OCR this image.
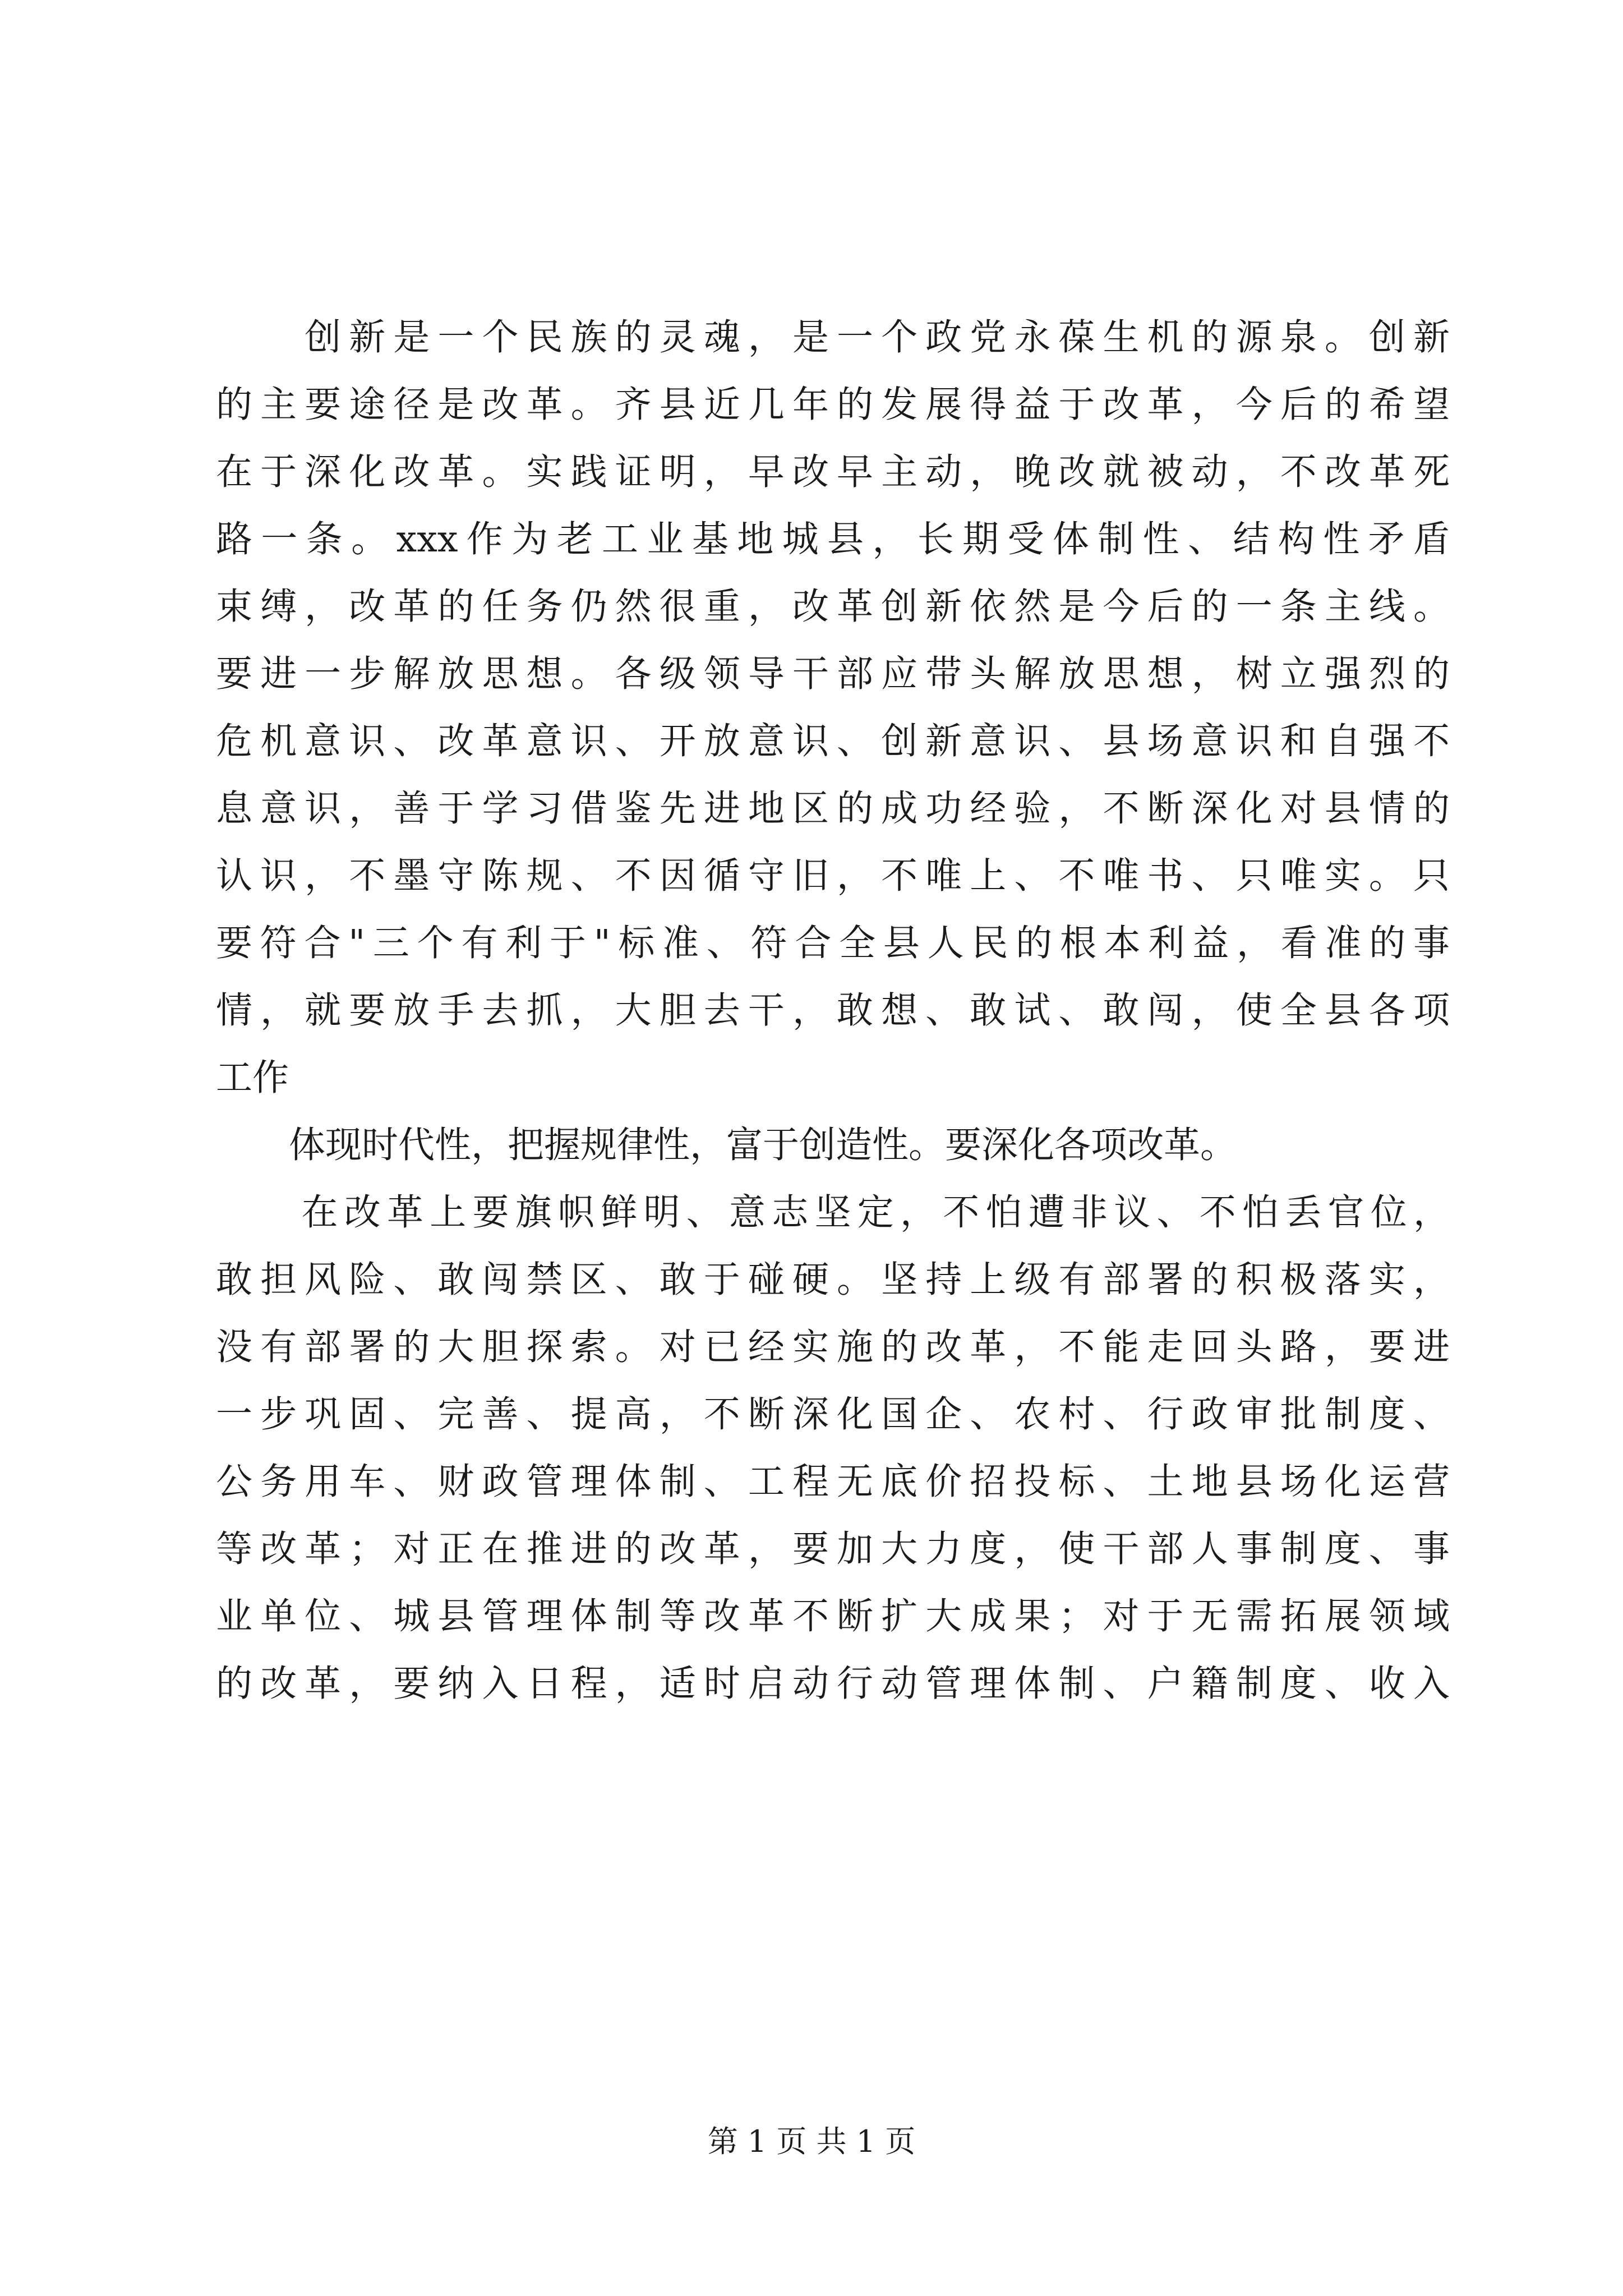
　　创新是一个民族的灵魂，是一个政党永葆生机的源泉。创新
的主要途径是改革。齐县近几年的发展得益于改革，今后的希望
在于深化改革。实践证明，早改早主动，晚改就被动，不改革死
路一条。xxx作为老工业基地城县，长期受体制性、结构性矛盾
束缚，改革的任务仍然很重，改革创新依然是今后的一条主线。
要进一步解放思想。各级领导干部应带头解放思想，树立强烈的
危机意识、改革意识、开放意识、创新意识、县场意识和自强不
息意识，善于学习借鉴先进地区的成功经验，不断深化对县情的
认识，不墨守陈规、不因循守旧，不唯上、不唯书、只唯实。只
要符合"三个有利于"标准、符合全县人民的根本利益，看准的事
情，就要放手去抓，大胆去干，敢想、敢试、敢闯，使全县各项
工作
　　体现时代性，把握规律性，富于创造性。要深化各项改革。
　　在改革上要旗帜鲜明、意志坚定，不怕遭非议、不怕丢官位，
敢担风险、敢闯禁区、敢于碰硬。坚持上级有部署的积极落实，
没有部署的大胆探索。对已经实施的改革，不能走回头路，要进
一步巩固、完善、提高，不断深化国企、农村、行政审批制度、
公务用车、财政管理体制、工程无底价招投标、土地县场化运营
等改革；对正在推进的改革，要加大力度，使干部人事制度、事
业单位、城县管理体制等改革不断扩大成果；对于无需拓展领域
的改革，要纳入日程，适时启动行动管理体制、户籍制度、收入
第 1 页 共 1 页
